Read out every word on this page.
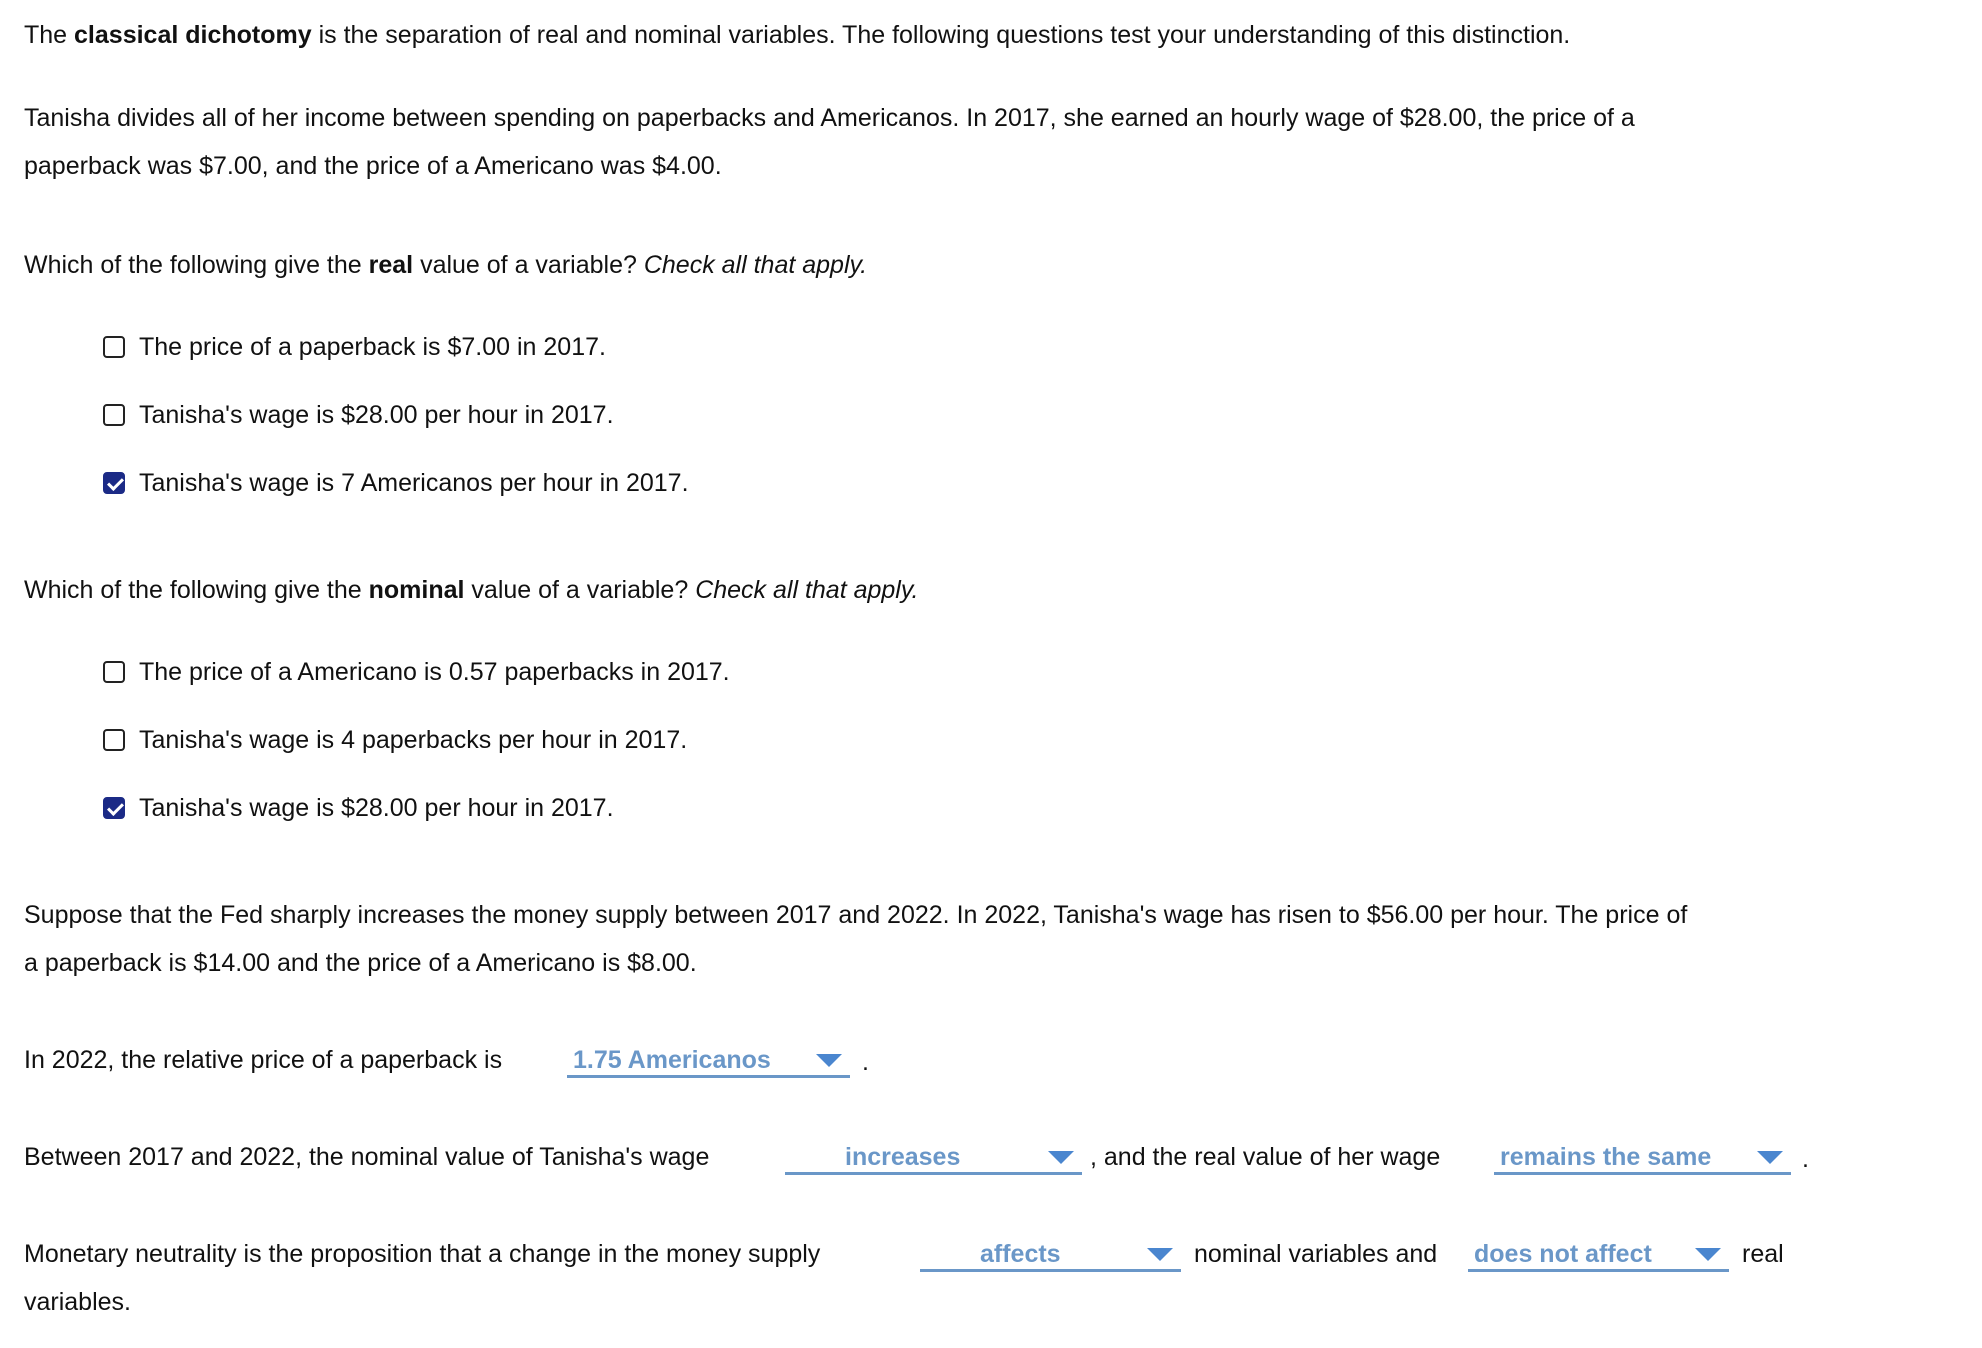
The classical dichotomy is the separation of real and nominal variables. The following questions test your understanding of this distinction.
Tanisha divides all of her income between spending on paperbacks and Americanos. In 2017, she earned an hourly wage of $28.00, the price of a
paperback was $7.00, and the price of a Americano was $4.00.
Which of the following give the real value of a variable? Check all that apply.
The price of a paperback is $7.00 in 2017.
Tanisha's wage is $28.00 per hour in 2017.
Tanisha's wage is 7 Americanos per hour in 2017.
Which of the following give the nominal value of a variable? Check all that apply.
The price of a Americano is 0.57 paperbacks in 2017.
Tanisha's wage is 4 paperbacks per hour in 2017.
Tanisha's wage is $28.00 per hour in 2017.
Suppose that the Fed sharply increases the money supply between 2017 and 2022. In 2022, Tanisha's wage has risen to $56.00 per hour. The price of
a paperback is $14.00 and the price of a Americano is $8.00.
In 2022, the relative price of a paperback is	1.75 Americanos	.
Between 2017 and 2022, the nominal value of Tanisha's wage	increases	, and the real value of her wage remains the same	.
Monetary neutrality is the proposition that a change in the money supply	affects	nominal variables and does not affect	real
variables.
